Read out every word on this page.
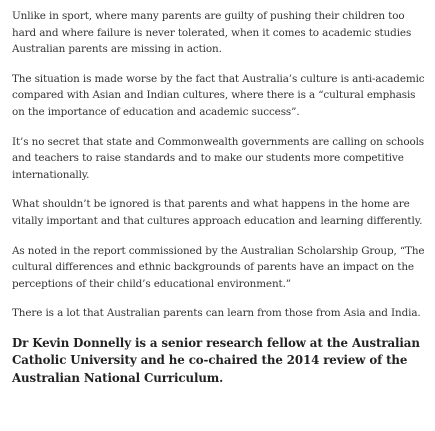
Unlike in sport, where many parents are guilty of pushing their children too hard and where failure is never tolerated, when it comes to academic studies Australian parents are missing in action.

The situation is made worse by the fact that Australia’s culture is anti-academic compared with Asian and Indian cultures, where there is a “cultural emphasis on the importance of education and academic success”.

It’s no secret that state and Commonwealth governments are calling on schools and teachers to raise standards and to make our students more competitive internationally.

What shouldn’t be ignored is that parents and what happens in the home are vitally important and that cultures approach education and learning differently.

As noted in the report commissioned by the Australian Scholarship Group, “The cultural differences and ethnic backgrounds of parents have an impact on the perceptions of their child’s educational environment.”

There is a lot that Australian parents can learn from those from Asia and India.

Dr Kevin Donnelly is a senior research fellow at the Australian Catholic University and he co-chaired the 2014 review of the Australian National Curriculum.
